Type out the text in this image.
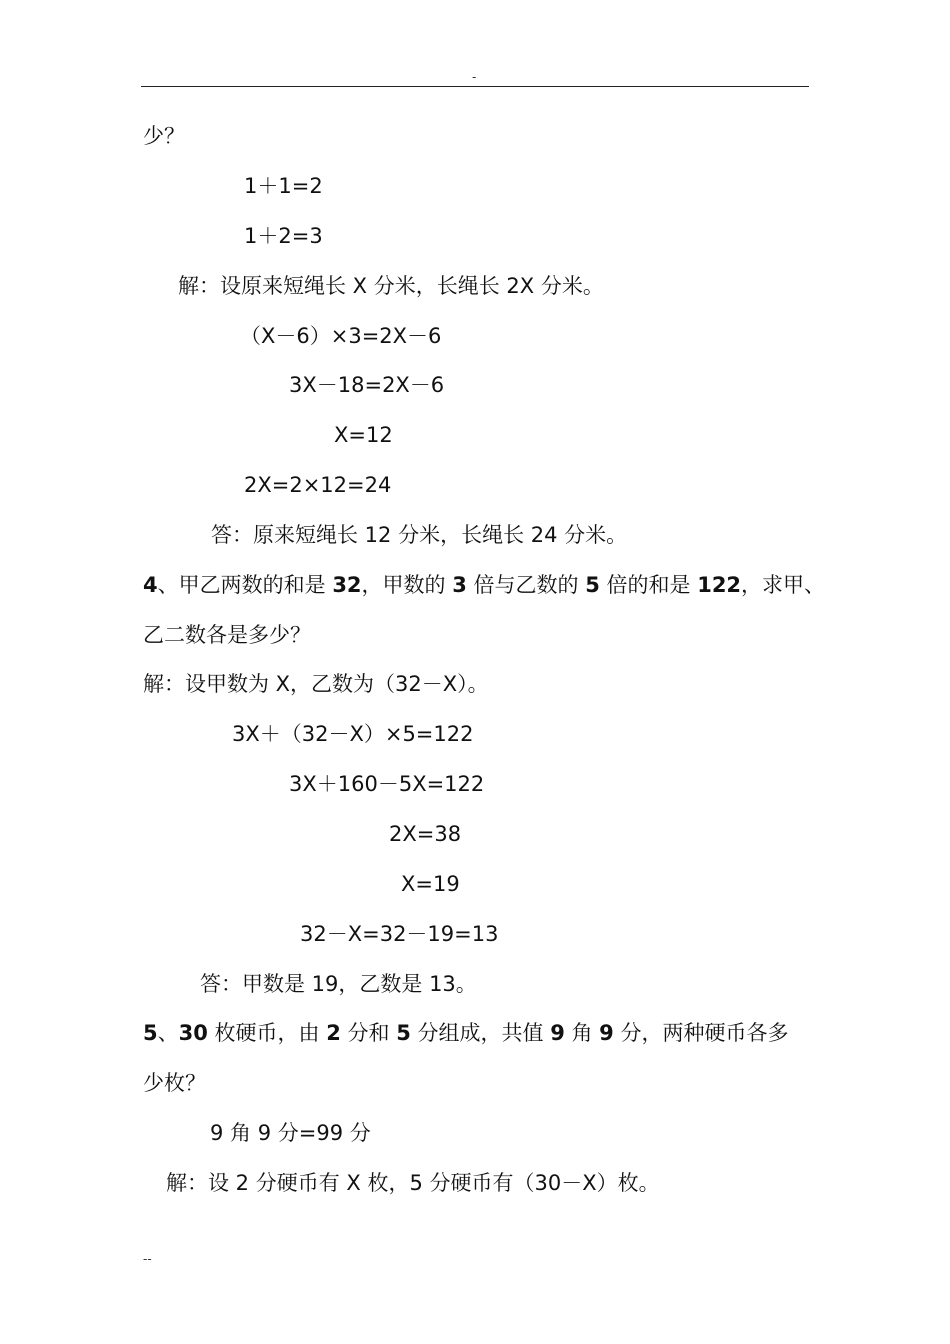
-
少？
1＋1=2
1＋2=3
解：设原来短绳长 X 分米，长绳长 2X 分米。
（X－6）×3=2X－6
3X－18=2X－6
X=12
2X=2×12=24
答：原来短绳长 12 分米，长绳长 24 分米。
4、甲乙两数的和是 32，甲数的 3 倍与乙数的 5 倍的和是 122，求甲、
乙二数各是多少？
解：设甲数为 X，乙数为（32－X）。
3X＋（32－X）×5=122
3X＋160－5X=122
2X=38
X=19
32－X=32－19=13
答：甲数是 19，乙数是 13。
5、30 枚硬币，由 2 分和 5 分组成，共值 9 角 9 分，两种硬币各多
少枚？
9 角 9 分=99 分
解：设 2 分硬币有 X 枚，5 分硬币有（30－X）枚。
--
